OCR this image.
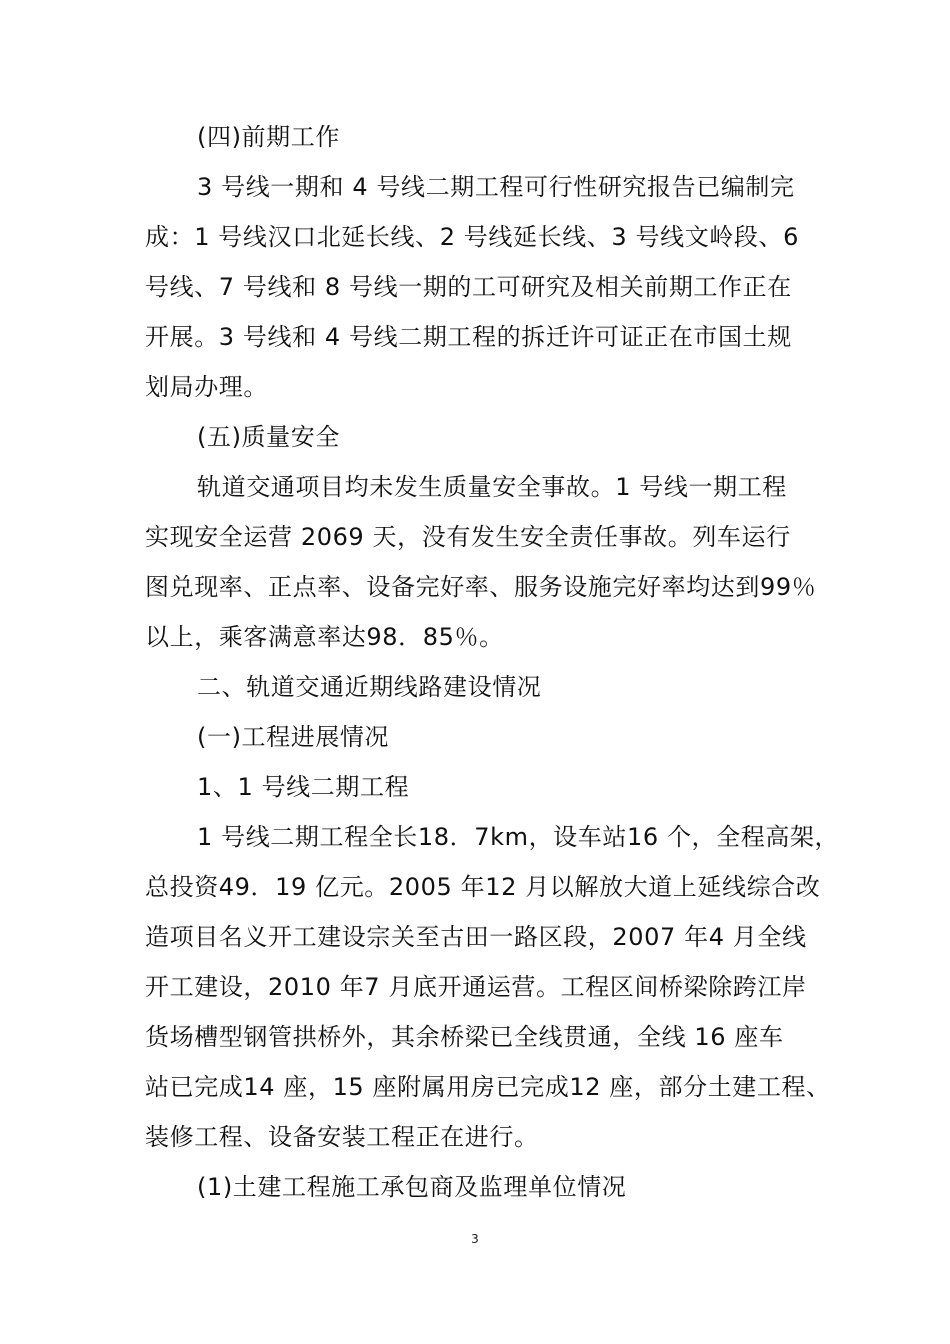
(四)前期工作
3 号线一期和 4 号线二期工程可行性研究报告已编制完
成：1 号线汉口北延长线、2 号线延长线、3 号线文岭段、6
号线、7 号线和 8 号线一期的工可研究及相关前期工作正在
开展。3 号线和 4 号线二期工程的拆迁许可证正在市国土规
划局办理。
(五)质量安全
轨道交通项目均未发生质量安全事故。1 号线一期工程
实现安全运营 2069 天，没有发生安全责任事故。列车运行
图兑现率、正点率、设备完好率、服务设施完好率均达到99％
以上，乘客满意率达98．85％。
二、轨道交通近期线路建设情况
(一)工程进展情况
1、1 号线二期工程
1 号线二期工程全长18．7km，设车站16 个，全程高架，
总投资49．19 亿元。2005 年12 月以解放大道上延线综合改
造项目名义开工建设宗关至古田一路区段，2007 年4 月全线
开工建设，2010 年7 月底开通运营。工程区间桥梁除跨江岸
货场槽型钢管拱桥外，其余桥梁已全线贯通，全线 16 座车
站已完成14 座，15 座附属用房已完成12 座，部分土建工程、
装修工程、设备安装工程正在进行。
(1)土建工程施工承包商及监理单位情况
3
